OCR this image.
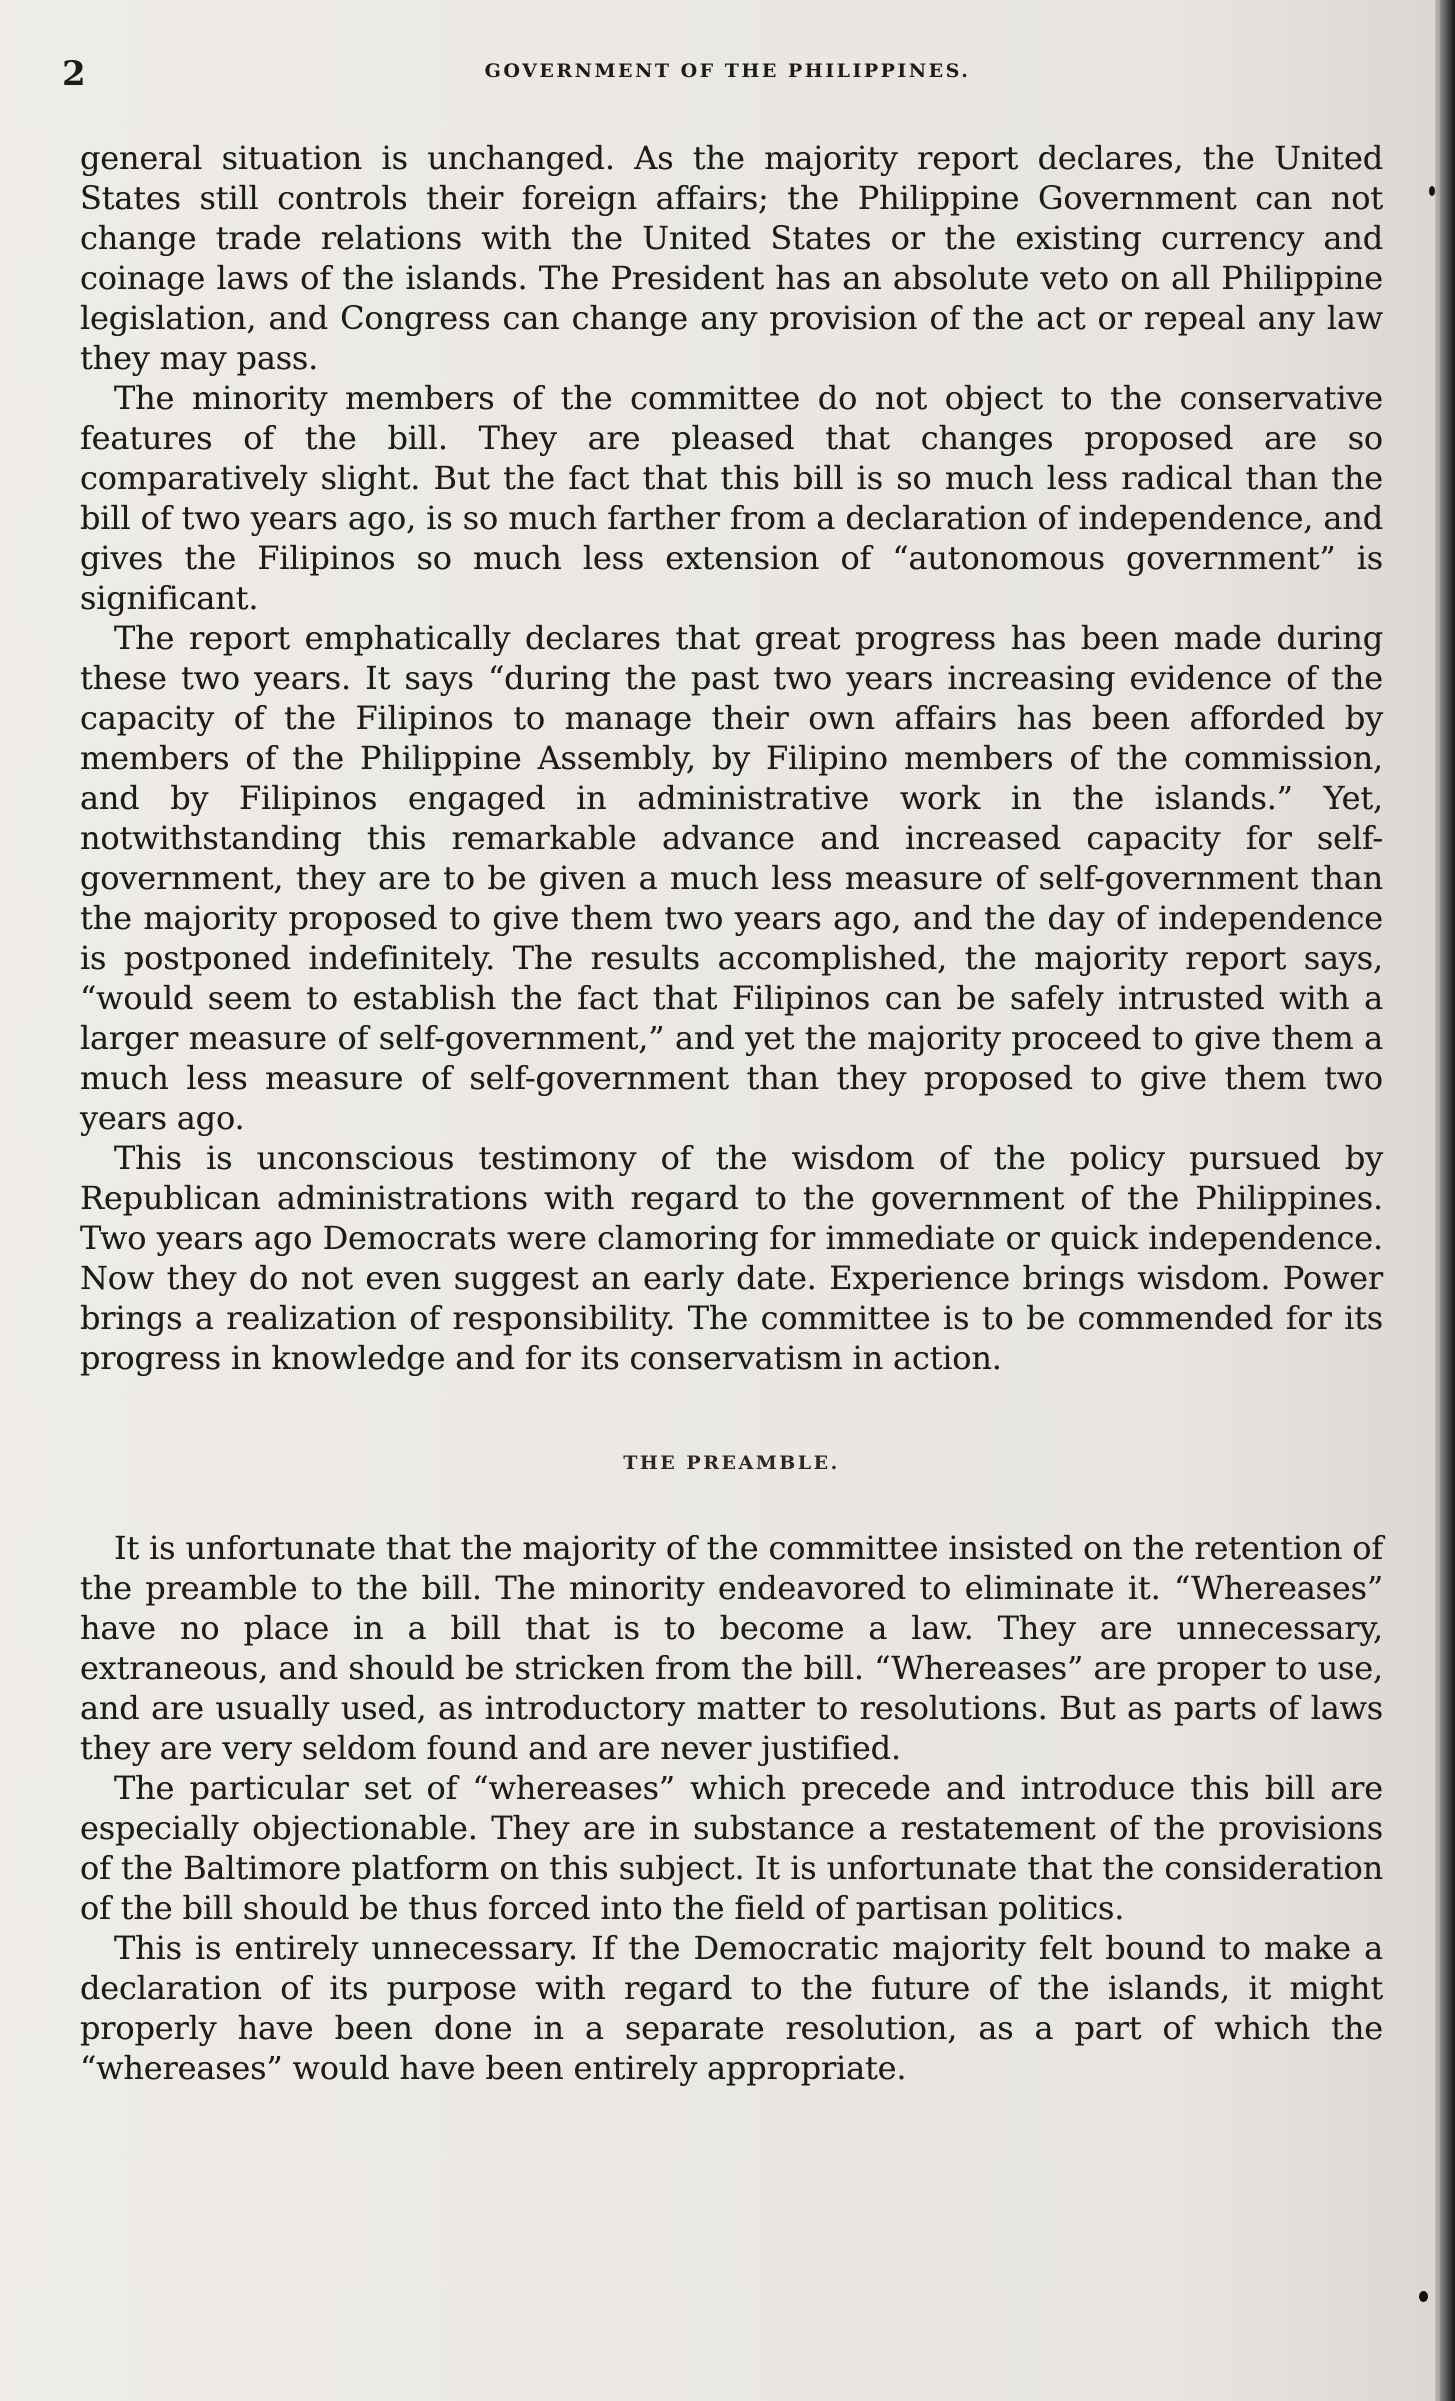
2	GOVERNMENT OF THE PHILIPPINES.

general situation is unchanged. As the majority report declares, the United States still controls their foreign affairs; the Philippine Government can not change trade relations with the United States or the existing currency and coinage laws of the islands. The President has an absolute veto on all Philippine legislation, and Congress can change any provision of the act or repeal any law they may pass.

The minority members of the committee do not object to the conservative features of the bill. They are pleased that changes proposed are so comparatively slight. But the fact that this bill is so much less radical than the bill of two years ago, is so much farther from a declaration of independence, and gives the Filipinos so much less extension of “autonomous government” is significant.

The report emphatically declares that great progress has been made during these two years. It says “during the past two years increasing evidence of the capacity of the Filipinos to manage their own affairs has been afforded by members of the Philippine Assembly, by Filipino members of the commission, and by Filipinos engaged in administrative work in the islands.” Yet, notwithstanding this remarkable advance and increased capacity for self-government, they are to be given a much less measure of self-government than the majority proposed to give them two years ago, and the day of independence is postponed indefinitely. The results accomplished, the majority report says, “would seem to establish the fact that Filipinos can be safely intrusted with a larger measure of self-government,” and yet the majority proceed to give them a much less measure of self-government than they proposed to give them two years ago.

This is unconscious testimony of the wisdom of the policy pursued by Republican administrations with regard to the government of the Philippines. Two years ago Democrats were clamoring for immediate or quick independence. Now they do not even suggest an early date. Experience brings wisdom. Power brings a realization of responsibility. The committee is to be commended for its progress in knowledge and for its conservatism in action.

THE PREAMBLE.

It is unfortunate that the majority of the committee insisted on the retention of the preamble to the bill. The minority endeavored to eliminate it. “Whereases” have no place in a bill that is to become a law. They are unnecessary, extraneous, and should be stricken from the bill. “Whereases” are proper to use, and are usually used, as introductory matter to resolutions. But as parts of laws they are very seldom found and are never justified.

The particular set of “whereases” which precede and introduce this bill are especially objectionable. They are in substance a restatement of the provisions of the Baltimore platform on this subject. It is unfortunate that the consideration of the bill should be thus forced into the field of partisan politics.

This is entirely unnecessary. If the Democratic majority felt bound to make a declaration of its purpose with regard to the future of the islands, it might properly have been done in a separate resolution, as a part of which the “whereases” would have been entirely appropriate.
